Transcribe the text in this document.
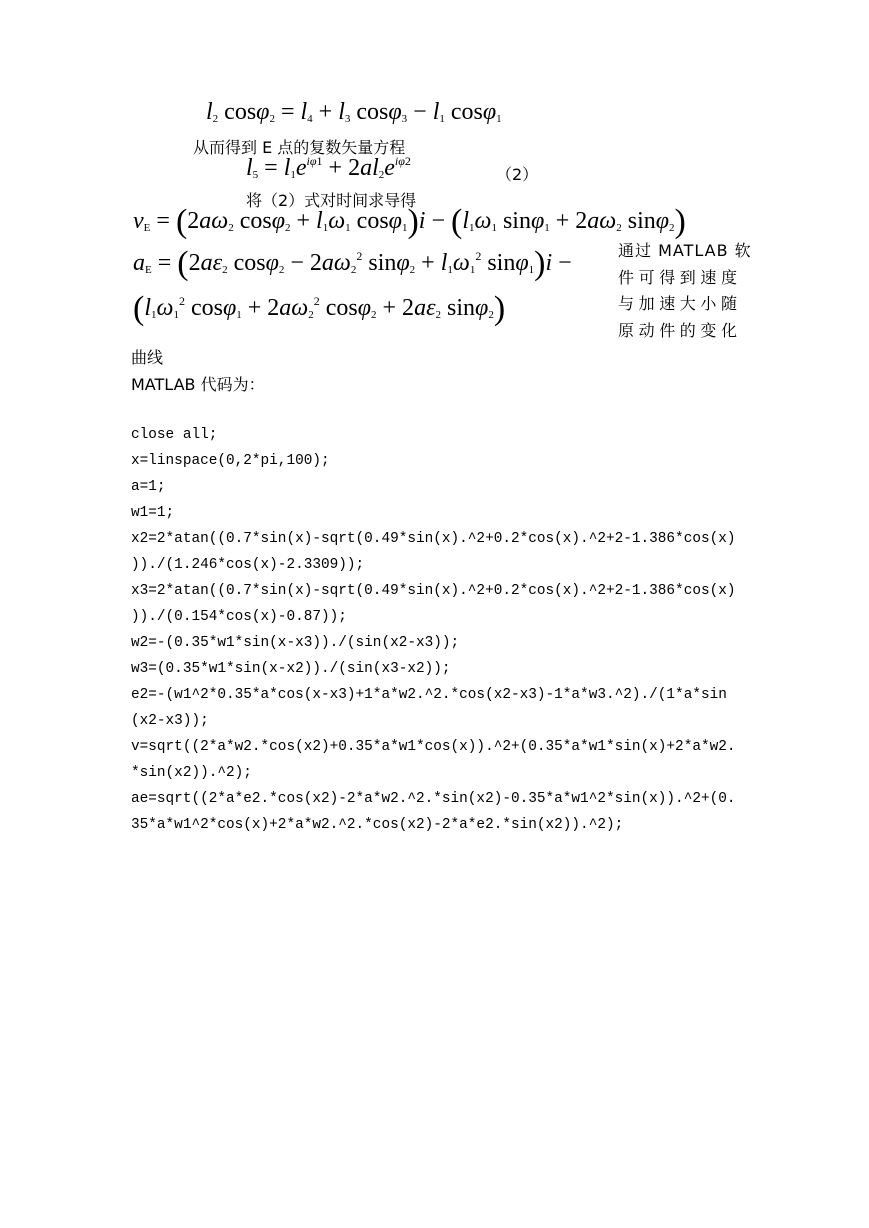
$l_2$ $\cos\varphi_2 = l_4 + l_3$ $\cos\varphi_3 - l_1$ cosφ$_1$
从而得到 E 点的复数矢量方程
$l_5 = l_1e^{i\varphi 1} + 2al_2e^{i\varphi 2}$
（2）
将（2）式对时间求导得
$v_E = (2a\omega_2$ $\cos\varphi_2 + l_1\omega_1$ $\cos\varphi_1)i - (l_1\omega_1$ $\sin\varphi_1 + 2a\omega_2$ sinφ$_2$)
$a_E = (2a\varepsilon_2$ $\cos\varphi_2 - 2a\omega_2^2$ $\sin\varphi_2 + l_1\omega_1^2$ sinφ$_1$)i −
($l_1\omega_1^2$ $\cos\varphi_1 + 2a\omega_2^2$ $\cos\varphi_2 + 2a\varepsilon_2$ sinφ$_2$)
通过 MATLAB 软
件可得到速度
与加速大小随
原动件的变化
曲线
MATLAB 代码为：
close all;
x=linspace(0,2*pi,100);
a=1;
w1=1;
x2=2*atan((0.7*sin(x)-sqrt(0.49*sin(x).^2+0.2*cos(x).^2+2-1.386*cos(x)
))./(1.246*cos(x)-2.3309));
x3=2*atan((0.7*sin(x)-sqrt(0.49*sin(x).^2+0.2*cos(x).^2+2-1.386*cos(x)
))./(0.154*cos(x)-0.87));
w2=-(0.35*w1*sin(x-x3))./(sin(x2-x3));
w3=(0.35*w1*sin(x-x2))./(sin(x3-x2));
e2=-(w1^2*0.35*a*cos(x-x3)+1*a*w2.^2.*cos(x2-x3)-1*a*w3.^2)./(1*a*sin
(x2-x3));
v=sqrt((2*a*w2.*cos(x2)+0.35*a*w1*cos(x)).^2+(0.35*a*w1*sin(x)+2*a*w2.
*sin(x2)).^2);
ae=sqrt((2*a*e2.*cos(x2)-2*a*w2.^2.*sin(x2)-0.35*a*w1^2*sin(x)).^2+(0.
35*a*w1^2*cos(x)+2*a*w2.^2.*cos(x2)-2*a*e2.*sin(x2)).^2);
